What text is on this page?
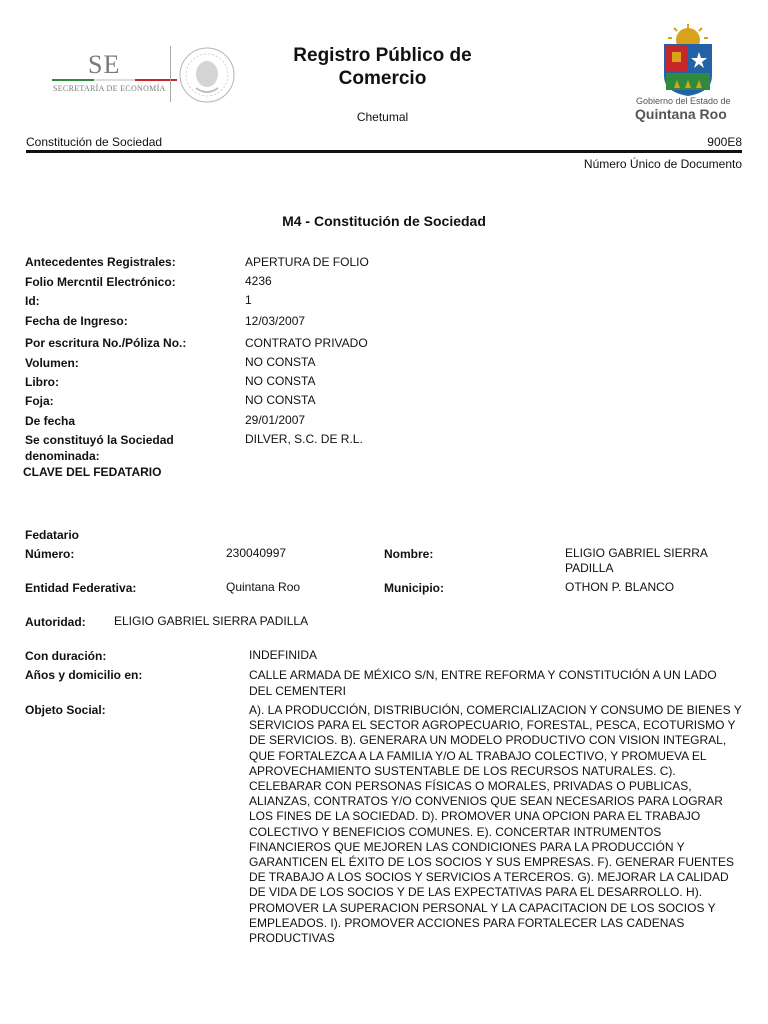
SE
SECRETARÍA DE ECONOMÍA
Registro Público de Comercio
Chetumal
Gobierno del Estado de
Quintana Roo
Constitución de Sociedad	900E8
Número Único de Documento
M4 - Constitución de Sociedad
Antecedentes Registrales:	APERTURA DE FOLIO
Folio Mercntil Electrónico:	4236
Id:	1
Fecha de Ingreso:	12/03/2007
Por escritura No./Póliza No.:	CONTRATO PRIVADO
Volumen:	NO CONSTA
Libro:	NO CONSTA
Foja:	NO CONSTA
De fecha	29/01/2007
Se constituyó la Sociedad denominada:
DILVER, S.C. DE R.L.
CLAVE DEL FEDATARIO
Fedatario
Número:	230040997	Nombre:	ELIGIO GABRIEL SIERRA PADILLA
Entidad Federativa:	Quintana Roo	Municipio:	OTHON P. BLANCO
Autoridad: ELIGIO GABRIEL SIERRA PADILLA
Con duración:	INDEFINIDA
Años y domicilio en:	CALLE ARMADA DE MÉXICO S/N, ENTRE REFORMA Y CONSTITUCIÓN A UN LADO DEL CEMENTERI
Objeto Social:	A). LA PRODUCCIÓN, DISTRIBUCIÓN, COMERCIALIZACION Y CONSUMO DE BIENES Y SERVICIOS PARA EL SECTOR AGROPECUARIO, FORESTAL, PESCA, ECOTURISMO Y DE SERVICIOS. B). GENERARA UN MODELO PRODUCTIVO CON VISION INTEGRAL, QUE FORTALEZCA A LA FAMILIA Y/O AL TRABAJO COLECTIVO, Y PROMUEVA EL APROVECHAMIENTO SUSTENTABLE DE LOS RECURSOS NATURALES. C). CELEBARAR CON PERSONAS FÍSICAS O MORALES, PRIVADAS O PUBLICAS, ALIANZAS, CONTRATOS Y/O CONVENIOS QUE SEAN NECESARIOS PARA LOGRAR LOS FINES DE LA SOCIEDAD. D). PROMOVER UNA OPCION PARA EL TRABAJO COLECTIVO Y BENEFICIOS COMUNES. E). CONCERTAR INTRUMENTOS FINANCIEROS QUE MEJOREN LAS CONDICIONES PARA LA PRODUCCIÓN Y GARANTICEN EL ÉXITO DE LOS SOCIOS Y SUS EMPRESAS. F). GENERAR FUENTES DE TRABAJO A LOS SOCIOS Y SERVICIOS A TERCEROS. G). MEJORAR LA CALIDAD DE VIDA DE LOS SOCIOS Y DE LAS EXPECTATIVAS PARA EL DESARROLLO. H). PROMOVER LA SUPERACION PERSONAL Y LA CAPACITACION DE LOS SOCIOS Y EMPLEADOS. I). PROMOVER ACCIONES PARA FORTALECER LAS CADENAS PRODUCTIVAS
